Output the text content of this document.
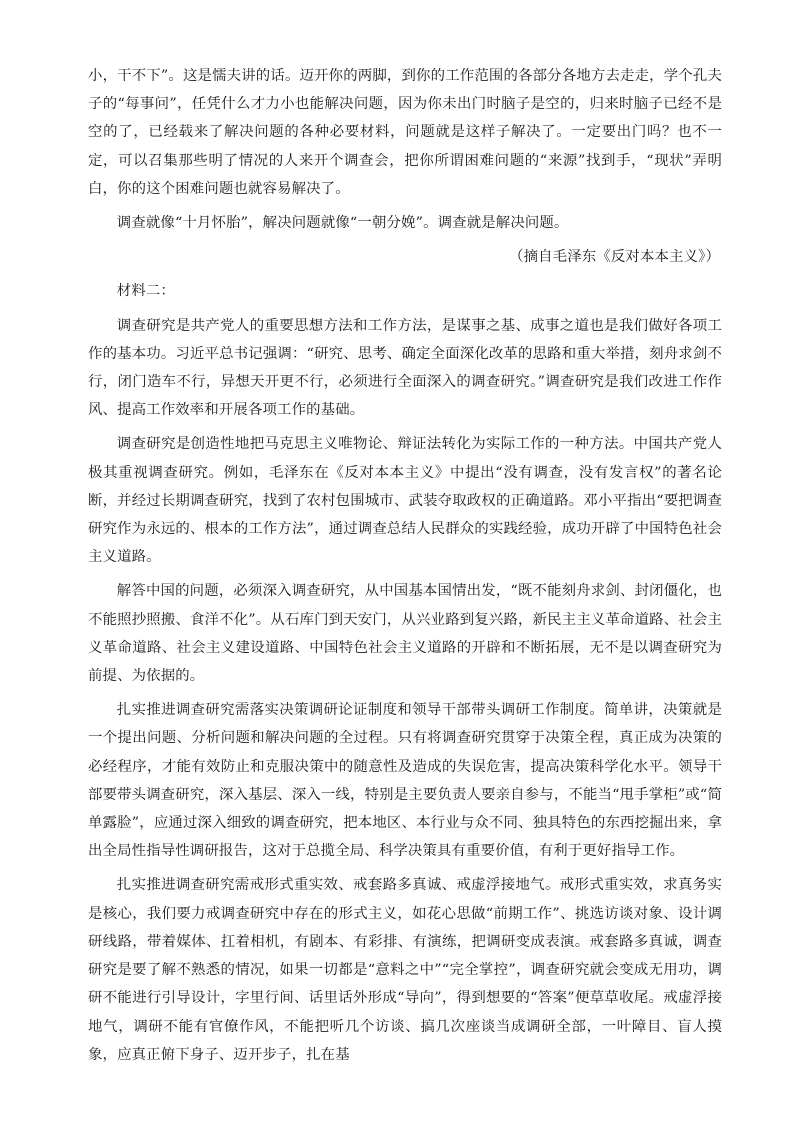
小，干不下”。这是懦夫讲的话。迈开你的两脚，到你的工作范围的各部分各地方去走走，学个孔夫子的“每事问”，任凭什么才力小也能解决问题，因为你未出门时脑子是空的，归来时脑子已经不是空的了，已经载来了解决问题的各种必要材料，问题就是这样子解决了。一定要出门吗？也不一定，可以召集那些明了情况的人来开个调查会，把你所谓困难问题的“来源”找到手，“现状”弄明白，你的这个困难问题也就容易解决了。

调查就像“十月怀胎”，解决问题就像“一朝分娩”。调查就是解决问题。

（摘自毛泽东《反对本本主义》）

材料二：

调查研究是共产党人的重要思想方法和工作方法，是谋事之基、成事之道也是我们做好各项工作的基本功。习近平总书记强调：“研究、思考、确定全面深化改革的思路和重大举措，刻舟求剑不行，闭门造车不行，异想天开更不行，必须进行全面深入的调查研究。”调查研究是我们改进工作作风、提高工作效率和开展各项工作的基础。

调查研究是创造性地把马克思主义唯物论、辩证法转化为实际工作的一种方法。中国共产党人极其重视调查研究。例如，毛泽东在《反对本本主义》中提出“没有调查，没有发言权”的著名论断，并经过长期调查研究，找到了农村包围城市、武装夺取政权的正确道路。邓小平指出“要把调查研究作为永远的、根本的工作方法”，通过调查总结人民群众的实践经验，成功开辟了中国特色社会主义道路。

解答中国的问题，必须深入调查研究，从中国基本国情出发，“既不能刻舟求剑、封闭僵化，也不能照抄照搬、食洋不化”。从石库门到天安门，从兴业路到复兴路，新民主主义革命道路、社会主义革命道路、社会主义建设道路、中国特色社会主义道路的开辟和不断拓展，无不是以调查研究为前提、为依据的。

扎实推进调查研究需落实决策调研论证制度和领导干部带头调研工作制度。简单讲，决策就是一个提出问题、分析问题和解决问题的全过程。只有将调查研究贯穿于决策全程，真正成为决策的必经程序，才能有效防止和克服决策中的随意性及造成的失误危害，提高决策科学化水平。领导干部要带头调查研究，深入基层、深入一线，特别是主要负责人要亲自参与，不能当“甩手掌柜”或“简单露脸”，应通过深入细致的调查研究，把本地区、本行业与众不同、独具特色的东西挖掘出来，拿出全局性指导性调研报告，这对于总揽全局、科学决策具有重要价值，有利于更好指导工作。

扎实推进调查研究需戒形式重实效、戒套路多真诚、戒虚浮接地气。戒形式重实效，求真务实是核心，我们要力戒调查研究中存在的形式主义，如花心思做“前期工作”、挑选访谈对象、设计调研线路，带着媒体、扛着相机，有剧本、有彩排、有演练，把调研变成表演。戒套路多真诚，调查研究是要了解不熟悉的情况，如果一切都是“意料之中”“完全掌控”，调查研究就会变成无用功，调研不能进行引导设计，字里行间、话里话外形成“导向”，得到想要的“答案”便草草收尾。戒虚浮接地气，调研不能有官僚作风，不能把听几个访谈、搞几次座谈当成调研全部，一叶障目、盲人摸象，应真正俯下身子、迈开步子，扎在基
